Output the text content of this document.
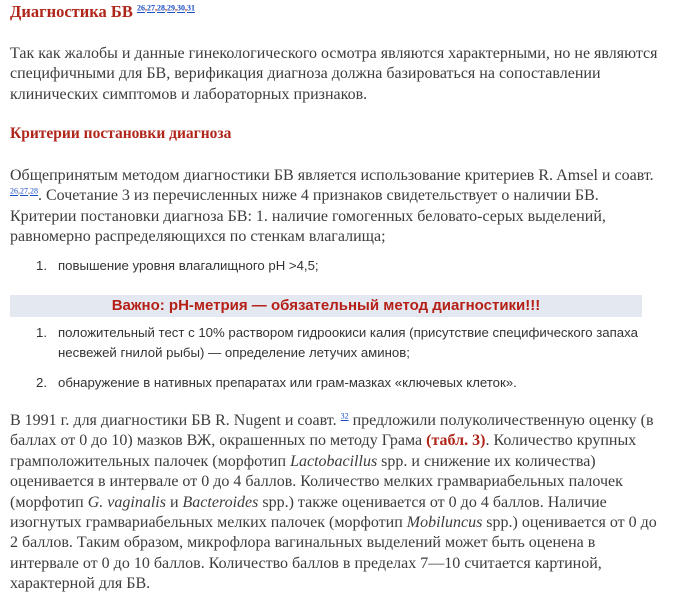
Диагностика БВ $^{26,27,28,29,30,31}$

Так как жалобы и данные гинекологического осмотра являются характерными, но не являются специфичными для БВ, верификация диагноза должна базироваться на сопоставлении клинических симптомов и лабораторных признаков.

Критерии постановки диагноза

Общепринятым методом диагностики БВ является использование критериев R. Amsel и соавт. $^{26,27,28}$. Сочетание 3 из перечисленных ниже 4 признаков свидетельствует о наличии БВ. Критерии постановки диагноза БВ: 1. наличие гомогенных беловато-серых выделений, равномерно распределяющихся по стенкам влагалища;

1. повышение уровня влагалищного pH >4,5;
Важно: pH-метрия — обязательный метод диагностики!!!
1. положительный тест с 10% раствором гидроокиси калия (присутствие специфического запаха несвежей гнилой рыбы) — определение летучих аминов;
2. обнаружение в нативных препаратах или грам-мазках «ключевых клеток».

В 1991 г. для диагностики БВ R. Nugent и соавт. $^{32}$ предложили полуколичественную оценку (в баллах от 0 до 10) мазков ВЖ, окрашенных по методу Грама (табл. 3). Количество крупных грамположительных палочек (морфотип Lactobacillus spp. и снижение их количества) оценивается в интервале от 0 до 4 баллов. Количество мелких грамвариабельных палочек (морфотип G. vaginalis и Bacteroides spp.) также оценивается от 0 до 4 баллов. Наличие изогнутых грамвариабельных мелких палочек (морфотип Mobiluncus spp.) оценивается от 0 до 2 баллов. Таким образом, микрофлора вагинальных выделений может быть оценена в интервале от 0 до 10 баллов. Количество баллов в пределах 7—10 считается картиной, характерной для БВ.
